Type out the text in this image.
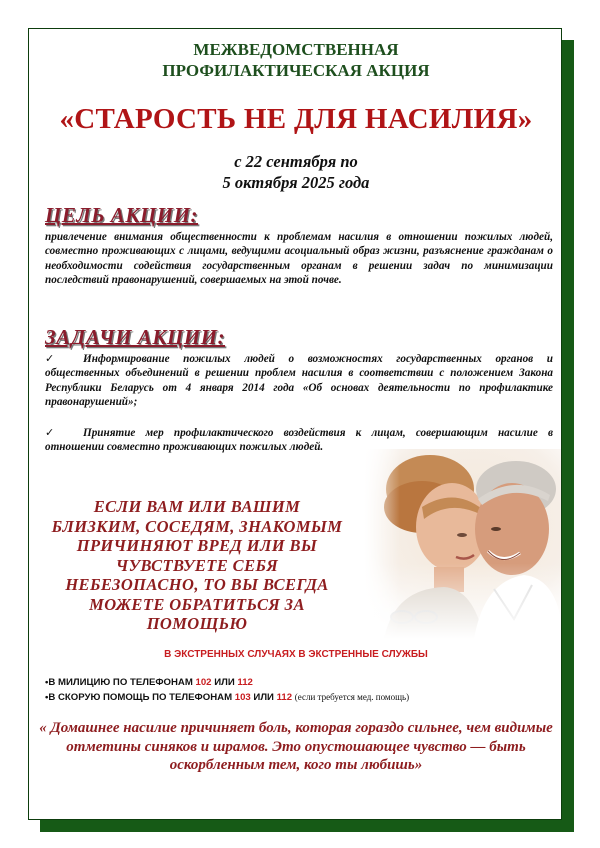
МЕЖВЕДОМСТВЕННАЯ
ПРОФИЛАКТИЧЕСКАЯ АКЦИЯ
«СТАРОСТЬ НЕ ДЛЯ НАСИЛИЯ»
с 22 сентября по
5 октября 2025 года
ЦЕЛЬ АКЦИИ:
привлечение внимания общественности к проблемам насилия в отношении пожилых людей, совместно проживающих с лицами, ведущими асоциальный образ жизни, разъяснение гражданам о необходимости содействия государственным органам в решении задач по минимизации последствий правонарушений, совершаемых на этой почве.
ЗАДАЧИ АКЦИИ:
✓	Информирование пожилых людей о возможностях государственных органов и общественных объединений в решении проблем насилия в соответствии с положением Закона Республики Беларусь от 4 января 2014 года «Об основах деятельности по профилактике правонарушений»;
✓	Принятие мер профилактического воздействия к лицам, совершающим насилие в отношении совместно проживающих пожилых людей.
ЕСЛИ ВАМ ИЛИ ВАШИМ БЛИЗКИМ, СОСЕДЯМ, ЗНАКОМЫМ ПРИЧИНЯЮТ ВРЕД ИЛИ ВЫ ЧУВСТВУЕТЕ СЕБЯ НЕБЕЗОПАСНО, ТО ВЫ ВСЕГДА МОЖЕТЕ ОБРАТИТЬСЯ ЗА ПОМОЩЬЮ
В ЭКСТРЕННЫХ СЛУЧАЯХ В ЭКСТРЕННЫЕ СЛУЖБЫ
•В МИЛИЦИЮ ПО ТЕЛЕФОНАМ 102 ИЛИ 112
•В СКОРУЮ ПОМОЩЬ ПО ТЕЛЕФОНАМ 103 ИЛИ 112 (если требуется мед. помощь)
« Домашнее насилие причиняет боль, которая гораздо сильнее, чем видимые отметины синяков и шрамов. Это опустошающее чувство — быть оскорбленным тем, кого ты любишь»
